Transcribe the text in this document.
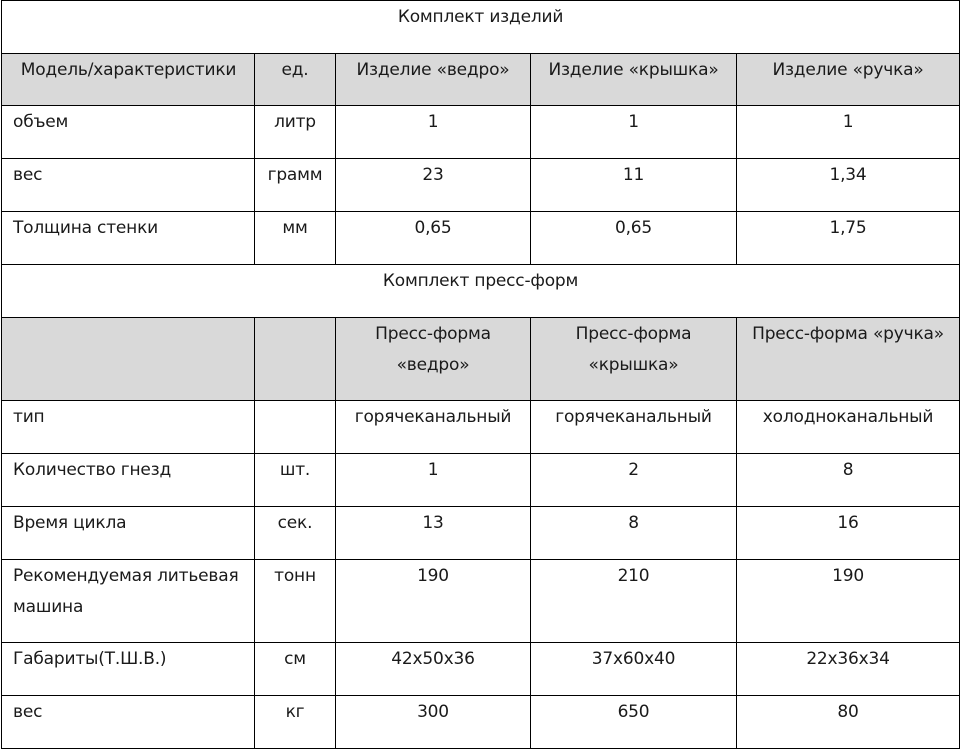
Комплект изделий				

Модель/характеристики	ед.	Изделие «ведро»	Изделие «крышка»	Изделие «ручка»

объем	литр	1	1	1

вес	грамм	23	11	1,34

Толщина стенки	мм	0,65	0,65	1,75

Комплект пресс-форм				

		Пресс-форма «ведро»	Пресс-форма «крышка»	Пресс-форма «ручка»

тип		горячеканальный	горячеканальный	холодноканальный

Количество гнезд	шт.	1	2	8

Время цикла	сек.	13	8	16

Рекомендуемая литьевая машина	тонн	190	210	190

Габариты(Т.Ш.В.)	см	42x50x36	37x60x40	22x36x34

вес	кг	300	650	80
